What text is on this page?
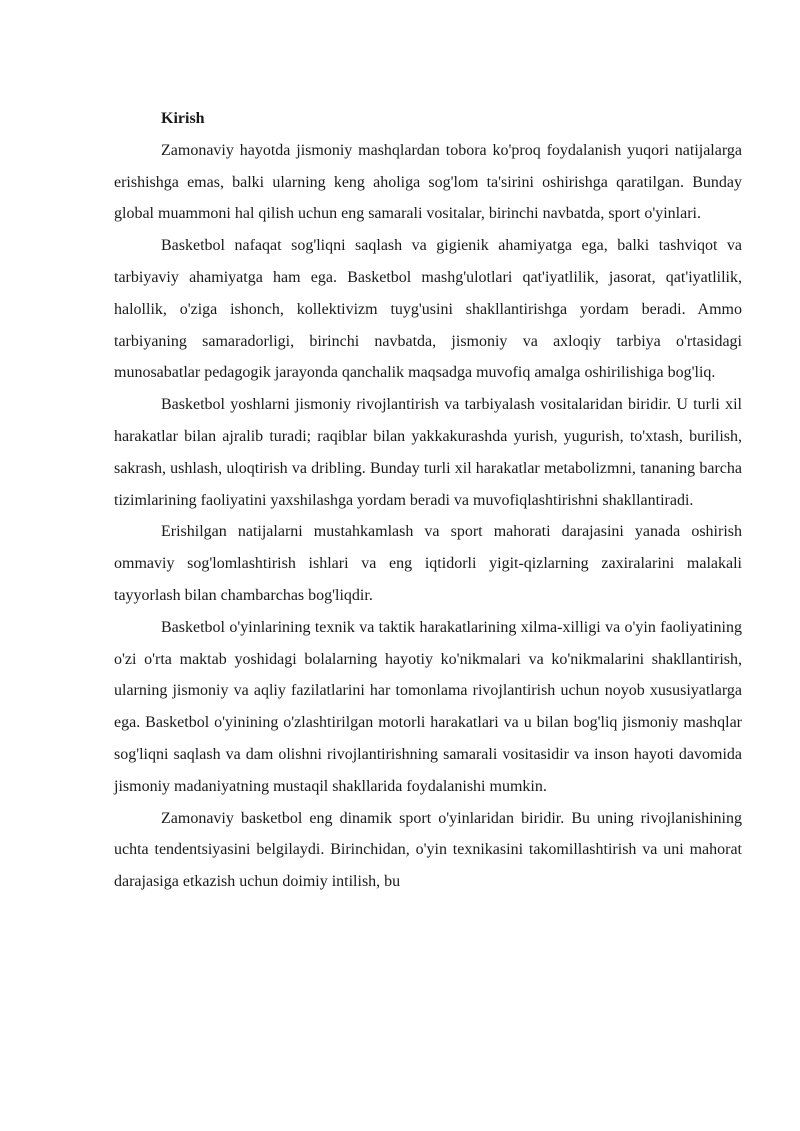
Kirish

Zamonaviy hayotda jismoniy mashqlardan tobora ko'proq foydalanish yuqori natijalarga erishishga emas, balki ularning keng aholiga sog'lom ta'sirini oshirishga qaratilgan. Bunday global muammoni hal qilish uchun eng samarali vositalar, birinchi navbatda, sport o'yinlari.

Basketbol nafaqat sog'liqni saqlash va gigienik ahamiyatga ega, balki tashviqot va tarbiyaviy ahamiyatga ham ega. Basketbol mashg'ulotlari qat'iyatlilik, jasorat, qat'iyatlilik, halollik, o'ziga ishonch, kollektivizm tuyg'usini shakllantirishga yordam beradi. Ammo tarbiyaning samaradorligi, birinchi navbatda, jismoniy va axloqiy tarbiya o'rtasidagi munosabatlar pedagogik jarayonda qanchalik maqsadga muvofiq amalga oshirilishiga bog'liq.

Basketbol yoshlarni jismoniy rivojlantirish va tarbiyalash vositalaridan biridir. U turli xil harakatlar bilan ajralib turadi; raqiblar bilan yakkakurashda yurish, yugurish, to'xtash, burilish, sakrash, ushlash, uloqtirish va dribling. Bunday turli xil harakatlar metabolizmni, tananing barcha tizimlarining faoliyatini yaxshilashga yordam beradi va muvofiqlashtirishni shakllantiradi.

Erishilgan natijalarni mustahkamlash va sport mahorati darajasini yanada oshirish ommaviy sog'lomlashtirish ishlari va eng iqtidorli yigit-qizlarning zaxiralarini malakali tayyorlash bilan chambarchas bog'liqdir.

Basketbol o'yinlarining texnik va taktik harakatlarining xilma-xilligi va o'yin faoliyatining o'zi o'rta maktab yoshidagi bolalarning hayotiy ko'nikmalari va ko'nikmalarini shakllantirish, ularning jismoniy va aqliy fazilatlarini har tomonlama rivojlantirish uchun noyob xususiyatlarga ega. Basketbol o'yinining o'zlashtirilgan motorli harakatlari va u bilan bog'liq jismoniy mashqlar sog'liqni saqlash va dam olishni rivojlantirishning samarali vositasidir va inson hayoti davomida jismoniy madaniyatning mustaqil shakllarida foydalanishi mumkin.

Zamonaviy basketbol eng dinamik sport o'yinlaridan biridir. Bu uning rivojlanishining uchta tendentsiyasini belgilaydi. Birinchidan, o'yin texnikasini takomillashtirish va uni mahorat darajasiga etkazish uchun doimiy intilish, bu
